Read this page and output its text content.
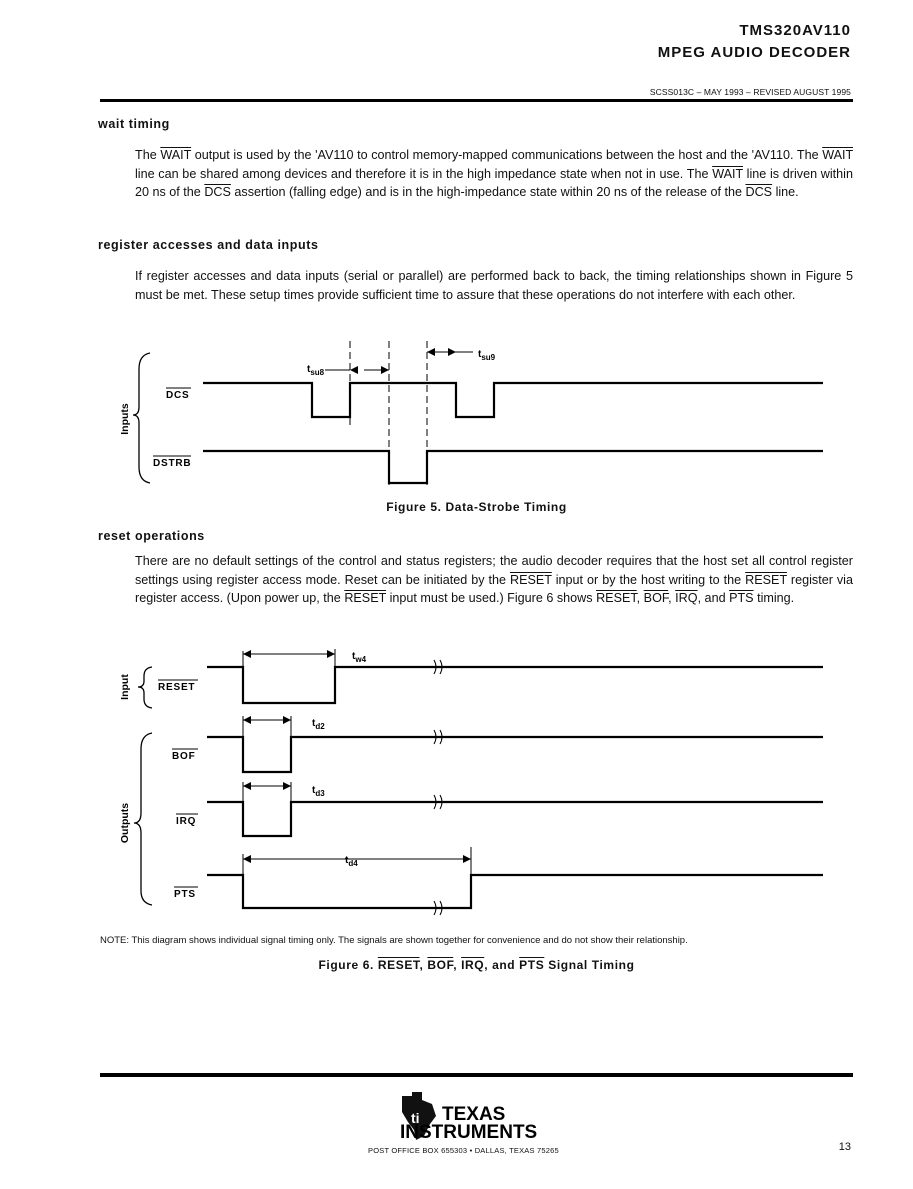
TMS320AV110
MPEG AUDIO DECODER
SCSS013C – MAY 1993 – REVISED AUGUST 1995
wait timing

The WAIT output is used by the 'AV110 to control memory-mapped communications between the host and the 'AV110. The WAIT line can be shared among devices and therefore it is in the high impedance state when not in use. The WAIT line is driven within 20 ns of the $\overline{DCS}$ assertion (falling edge) and is in the high-impedance state within 20 ns of the release of the $\overline{DCS}$ line.

register accesses and data inputs

If register accesses and data inputs (serial or parallel) are performed back to back, the timing relationships shown in Figure 5 must be met. These setup times provide sufficient time to assure that these operations do not interfere with each other.

Inputs
DCS
DSTRB
$t_{su8}$
$t_{su9}$
Figure 5. Data-Strobe Timing
reset operations

There are no default settings of the control and status registers; the audio decoder requires that the host set all control register settings using register access mode. Reset can be initiated by the RESET input or by the host writing to the RESET register via register access. (Upon power up, the RESET input must be used.) Figure 6 shows RESET, $\overline{BOF}$, $\overline{IRQ}$, and $\overline{PTS}$ timing.

Input
Outputs
RESET
$t_{w4}$
BOF
$t_{d2}$
IRQ
$t_{d3}$
PTS
$t_{d4}$
NOTE: This diagram shows individual signal timing only. The signals are shown together for convenience and do not show their relationship.
Figure 6. RESET, $\overline{BOF}$, $\overline{IRQ}$, and $\overline{PTS}$ Signal Timing
ti TEXAS
INSTRUMENTS
POST OFFICE BOX 655303 • DALLAS, TEXAS 75265	13
